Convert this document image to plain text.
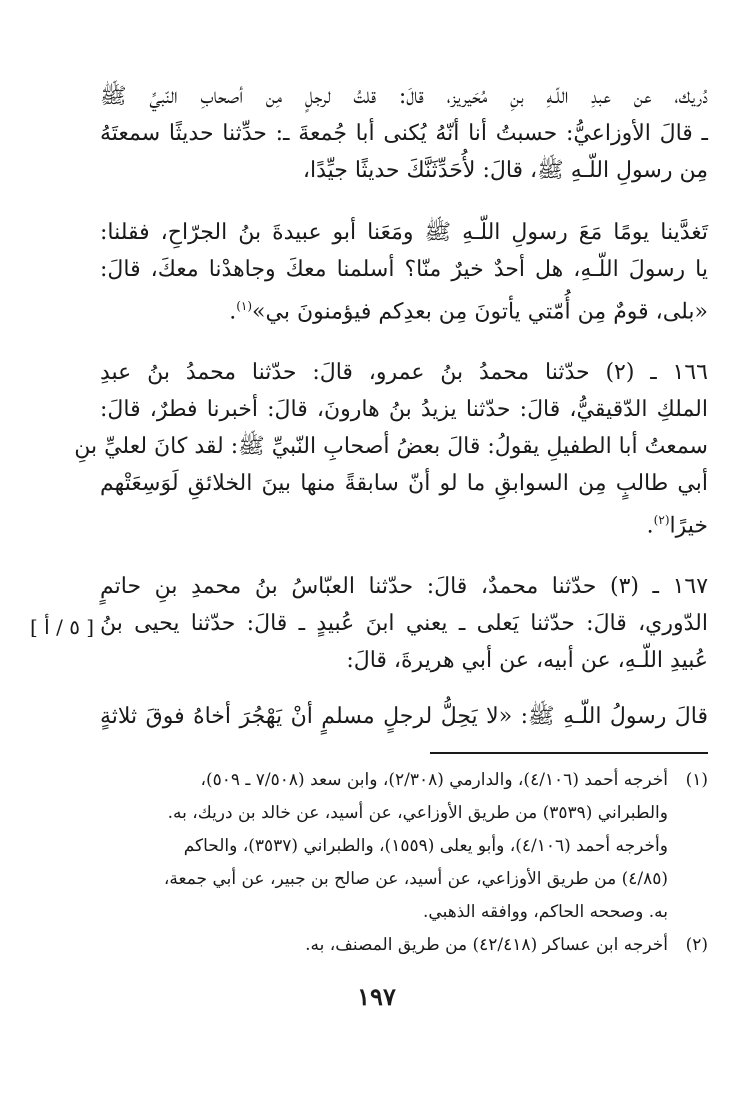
دُريك، عن عبدِ اللّـهِ بنِ مُحَيريز، قالَ: قلتُ لرجلٍ مِن أصحابِ النّبيِّ ﷺ
ـ قالَ الأوزاعيُّ: حسبتُ أنا أنّهُ يُكنى أبا جُمعةَ ـ: حدِّثنا حديثًا سمعتَهُ
مِن رسولِ اللّـهِ ﷺ، قالَ: لأُحَدِّثَنَّكَ حديثًا جيِّدًا،

تَغدَّينا يومًا مَعَ رسولِ اللّـهِ ﷺ ومَعَنا أبو عبيدةَ بنُ الجرّاحِ، فقلنا:
يا رسولَ اللّـهِ، هل أحدٌ خيرٌ منّا؟ أسلمنا معكَ وجاهدْنا معكَ، قالَ:
«بلى، قومٌ مِن أُمّتي يأتونَ مِن بعدِكم فيؤمنونَ بي»$^{(١)}$.

١٦٦ ـ (٢) حدّثنا محمدُ بنُ عمرو، قالَ: حدّثنا محمدُ بنُ عبدِ
الملكِ الدّقيقيُّ، قالَ: حدّثنا يزيدُ بنُ هارونَ، قالَ: أخبرنا فطرٌ، قالَ:
سمعتُ أبا الطفيلِ يقولُ: قالَ بعضُ أصحابِ النّبيِّ ﷺ: لقد كانَ لعليِّ بنِ
أبي طالبٍ مِن السوابقِ ما لو أنّ سابقةً منها بينَ الخلائقِ لَوَسِعَتْهم
خيرًا$^{(٢)}$.

١٦٧ ـ (٣) حدّثنا محمدٌ، قالَ: حدّثنا العبّاسُ بنُ محمدِ بنِ حاتمٍ
الدّوري، قالَ: حدّثنا يَعلى ـ يعني ابنَ عُبيدٍ ـ قالَ: حدّثنا يحيى بنُ
عُبيدِ اللّـهِ، عن أبيه، عن أبي هريرةَ، قالَ:

[ ٥ / أ ]

قالَ رسولُ اللّـهِ ﷺ: «لا يَحِلُّ لرجلٍ مسلمٍ أنْ يَهْجُرَ أخاهُ فوقَ ثلاثةٍ

(١)
أخرجه أحمد (٤/١٠٦)، والدارمي (٢/٣٠٨)، وابن سعد (٧/٥٠٨ ـ ٥٠٩)،
والطبراني (٣٥٣٩) من طريق الأوزاعي، عن أسيد، عن خالد بن دريك، به.
وأخرجه أحمد (٤/١٠٦)، وأبو يعلى (١٥٥٩)، والطبراني (٣٥٣٧)، والحاكم
(٤/٨٥) من طريق الأوزاعي، عن أسيد، عن صالح بن جبير، عن أبي جمعة،
به. وصححه الحاكم، ووافقه الذهبي.
(٢)
أخرجه ابن عساكر (٤٢/٤١٨) من طريق المصنف، به.
١٩٧
